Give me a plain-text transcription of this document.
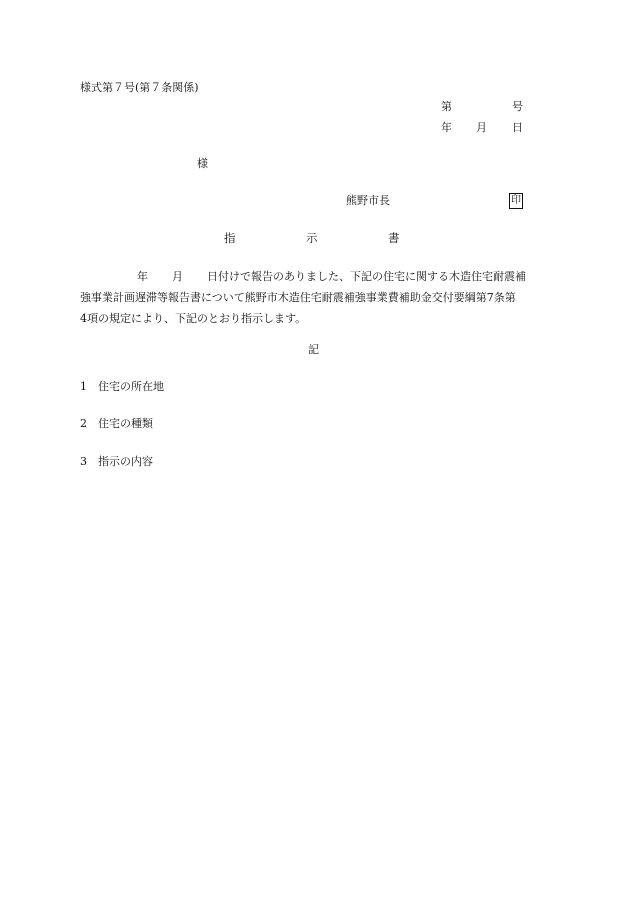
様式第７号(第７条関係)
第	号
年 月 日
様
熊野市長	印
指	示	書
年 月 日付けで報告のありました、下記の住宅に関する木造住宅耐震補
強事業計画遅滞等報告書について熊野市木造住宅耐震補強事業費補助金交付要綱第7条第
4項の規定により、下記のとおり指示します。
記
1 住宅の所在地
2 住宅の種類
3 指示の内容
